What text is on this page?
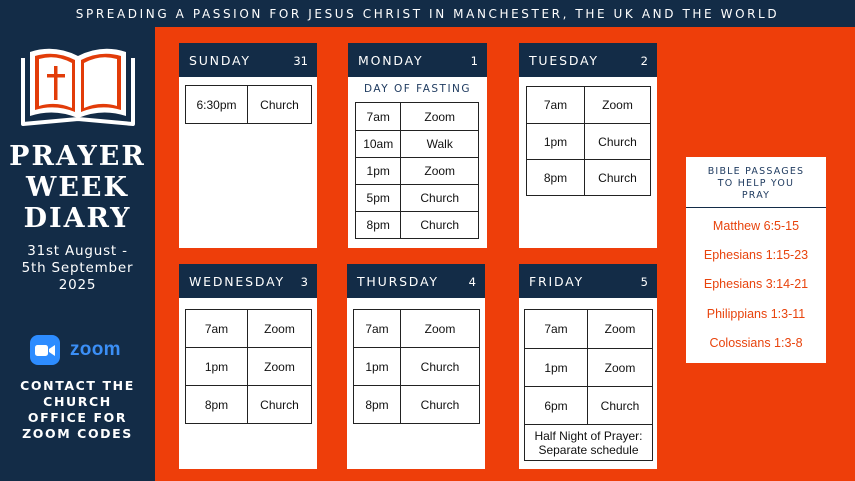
SPREADING A PASSION FOR JESUS CHRIST IN MANCHESTER, THE UK AND THE WORLD
PRAYER
WEEK
DIARY
31st August -
5th September
2025
zoom
CONTACT THE
CHURCH
OFFICE FOR
ZOOM CODES
SUNDAY	31
6:30pm	Church
MONDAY	1
DAY OF FASTING
7am	Zoom
10am	Walk
1pm	Zoom
5pm	Church
8pm	Church
TUESDAY	2
7am	Zoom
1pm	Church
8pm	Church
WEDNESDAY 3
7am	Zoom
1pm	Zoom
8pm	Church
THURSDAY	4
7am	Zoom
1pm	Church
8pm	Church
FRIDAY	5
7am	Zoom
1pm	Zoom
6pm	Church

Half Night of Prayer:
Separate schedule	
BIBLE PASSAGES
TO HELP YOU
PRAY
Matthew 6:5-15
Ephesians 1:15-23
Ephesians 3:14-21
Philippians 1:3-11
Colossians 1:3-8
